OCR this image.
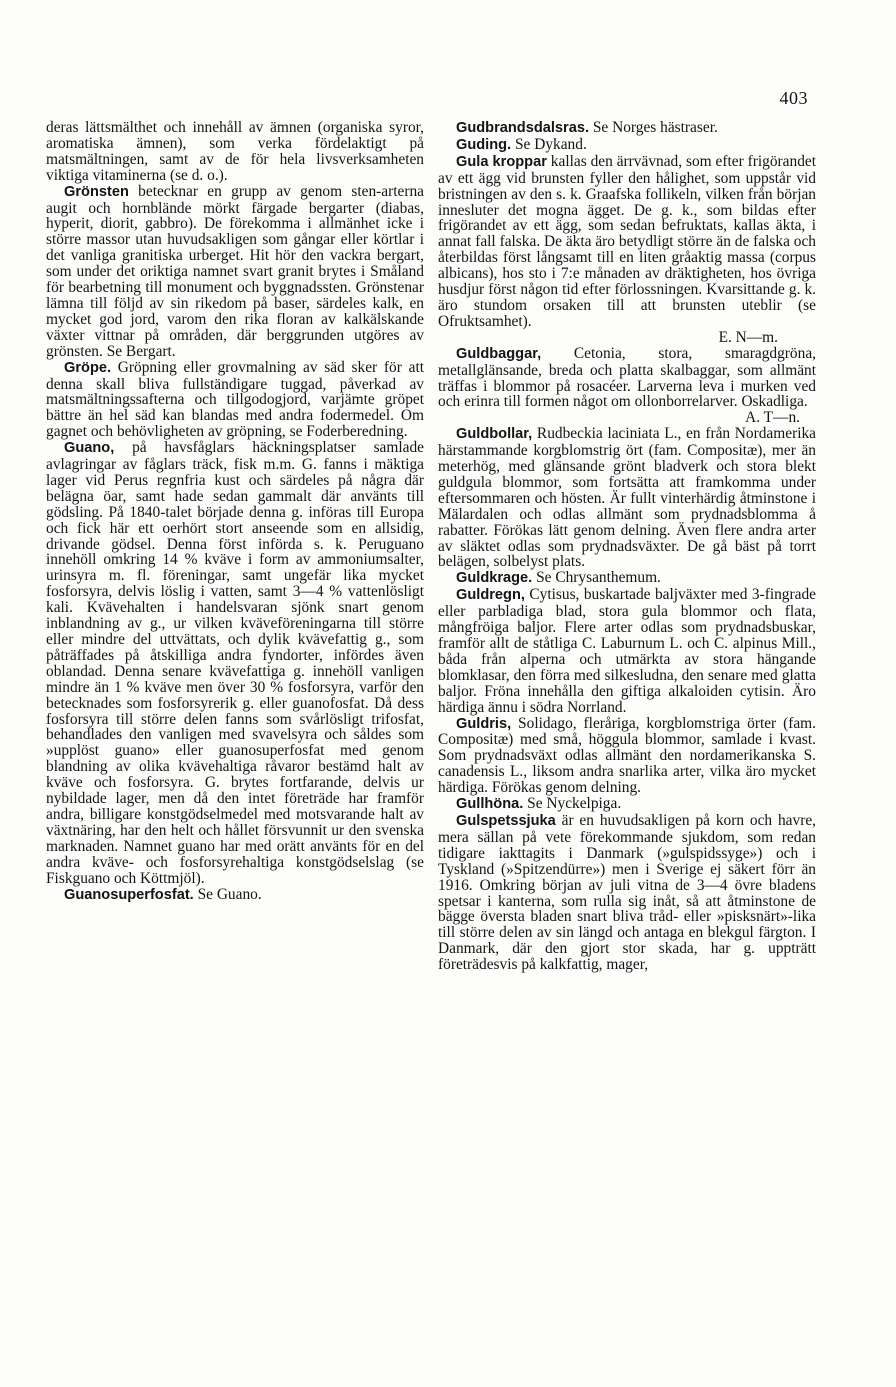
403

deras lättsmälthet och innehåll av ämnen (organiska syror, aromatiska ämnen), som verka fördelaktigt på matsmältningen, samt av de för hela livsverksamheten viktiga vitaminerna (se d. o.).

Grönsten betecknar en grupp av genom sten-arterna augit och hornblände mörkt färgade bergarter (diabas, hyperit, diorit, gabbro). De förekomma i allmänhet icke i större massor utan huvudsakligen som gångar eller körtlar i det vanliga granitiska urberget. Hit hör den vackra bergart, som under det oriktiga namnet svart granit brytes i Småland för bearbetning till monument och byggnadssten. Grönstenar lämna till följd av sin rikedom på baser, särdeles kalk, en mycket god jord, varom den rika floran av kalkälskande växter vittnar på områden, där berggrunden utgöres av grönsten. Se Bergart.

Gröpe. Gröpning eller grovmalning av säd sker för att denna skall bliva fullständigare tuggad, påverkad av matsmältningssafterna och tillgodogjord, varjämte gröpet bättre än hel säd kan blandas med andra fodermedel. Om gagnet och behövligheten av gröpning, se Foderberedning.

Guano, på havsfåglars häckningsplatser samlade avlagringar av fåglars träck, fisk m.m. G. fanns i mäktiga lager vid Perus regnfria kust och särdeles på några där belägna öar, samt hade sedan gammalt där använts till gödsling. På 1840-talet började denna g. införas till Europa och fick här ett oerhört stort anseende som en allsidig, drivande gödsel. Denna först införda s. k. Peruguano innehöll omkring 14 % kväve i form av ammoniumsalter, urinsyra m. fl. föreningar, samt ungefär lika mycket fosforsyra, delvis löslig i vatten, samt 3—4 % vattenlösligt kali. Kvävehalten i handelsvaran sjönk snart genom inblandning av g., ur vilken kväveföreningarna till större eller mindre del uttvättats, och dylik kvävefattig g., som påträffades på åtskilliga andra fyndorter, infördes även oblandad. Denna senare kvävefattiga g. innehöll vanligen mindre än 1 % kväve men över 30 % fosforsyra, varför den betecknades som fosforsyrerik g. eller guanofosfat. Då dess fosforsyra till större delen fanns som svårlösligt trifosfat, behandlades den vanligen med svavelsyra och såldes som »upplöst guano» eller guanosuperfosfat med genom blandning av olika kvävehaltiga råvaror bestämd halt av kväve och fosforsyra. G. brytes fortfarande, delvis ur nybildade lager, men då den intet företräde har framför andra, billigare konstgödselmedel med motsvarande halt av växtnäring, har den helt och hållet försvunnit ur den svenska marknaden. Namnet guano har med orätt använts för en del andra kväve- och fosforsyrehaltiga konstgödselslag (se Fiskguano och Köttmjöl).

Guanosuperfosfat. Se Guano.

Gudbrandsdalsras. Se Norges hästraser.

Guding. Se Dykand.

Gula kroppar kallas den ärrvävnad, som efter frigörandet av ett ägg vid brunsten fyller den hålighet, som uppstår vid bristningen av den s. k. Graafska follikeln, vilken från början innesluter det mogna ägget. De g. k., som bildas efter frigörandet av ett ägg, som sedan befruktats, kallas äkta, i annat fall falska. De äkta äro betydligt större än de falska och återbildas först långsamt till en liten gråaktig massa (corpus albicans), hos sto i 7:e månaden av dräktigheten, hos övriga husdjur först någon tid efter förlossningen. Kvarsittande g. k. äro stundom orsaken till att brunsten uteblir (se Ofruktsamhet).

E. N—m.

Guldbaggar, Cetonia, stora, smaragdgröna, metallglänsande, breda och platta skalbaggar, som allmänt träffas i blommor på rosacéer. Larverna leva i murken ved och erinra till formen något om ollonborrelarver. Oskadliga.

A. T—n.

Guldbollar, Rudbeckia laciniata L., en från Nordamerika härstammande korgblomstrig ört (fam. Compositæ), mer än meterhög, med glänsande grönt bladverk och stora blekt guldgula blommor, som fortsätta att framkomma under eftersommaren och hösten. Är fullt vinterhärdig åtminstone i Mälardalen och odlas allmänt som prydnadsblomma å rabatter. Förökas lätt genom delning. Även flere andra arter av släktet odlas som prydnadsväxter. De gå bäst på torrt belägen, solbelyst plats.

Guldkrage. Se Chrysanthemum.

Guldregn, Cytisus, buskartade baljväxter med 3-fingrade eller parbladiga blad, stora gula blommor och flata, mångfröiga baljor. Flere arter odlas som prydnadsbuskar, framför allt de ståtliga C. Laburnum L. och C. alpinus Mill., båda från alperna och utmärkta av stora hängande blomklasar, den förra med silkesludna, den senare med glatta baljor. Fröna innehålla den giftiga alkaloiden cytisin. Äro härdiga ännu i södra Norrland.

Guldris, Solidago, fleråriga, korgblomstriga örter (fam. Compositæ) med små, höggula blommor, samlade i kvast. Som prydnadsväxt odlas allmänt den nordamerikanska S. canadensis L., liksom andra snarlika arter, vilka äro mycket härdiga. Förökas genom delning.

Gullhöna. Se Nyckelpiga.

Gulspetssjuka är en huvudsakligen på korn och havre, mera sällan på vete förekommande sjukdom, som redan tidigare iakttagits i Danmark (»gulspidssyge») och i Tyskland (»Spitzendürre») men i Sverige ej säkert förr än 1916. Omkring början av juli vitna de 3—4 övre bladens spetsar i kanterna, som rulla sig inåt, så att åtminstone de bägge översta bladen snart bliva tråd- eller »pisksnärt»-lika till större delen av sin längd och antaga en blekgul färgton. I Danmark, där den gjort stor skada, har g. uppträtt företrädesvis på kalkfattig, mager,
